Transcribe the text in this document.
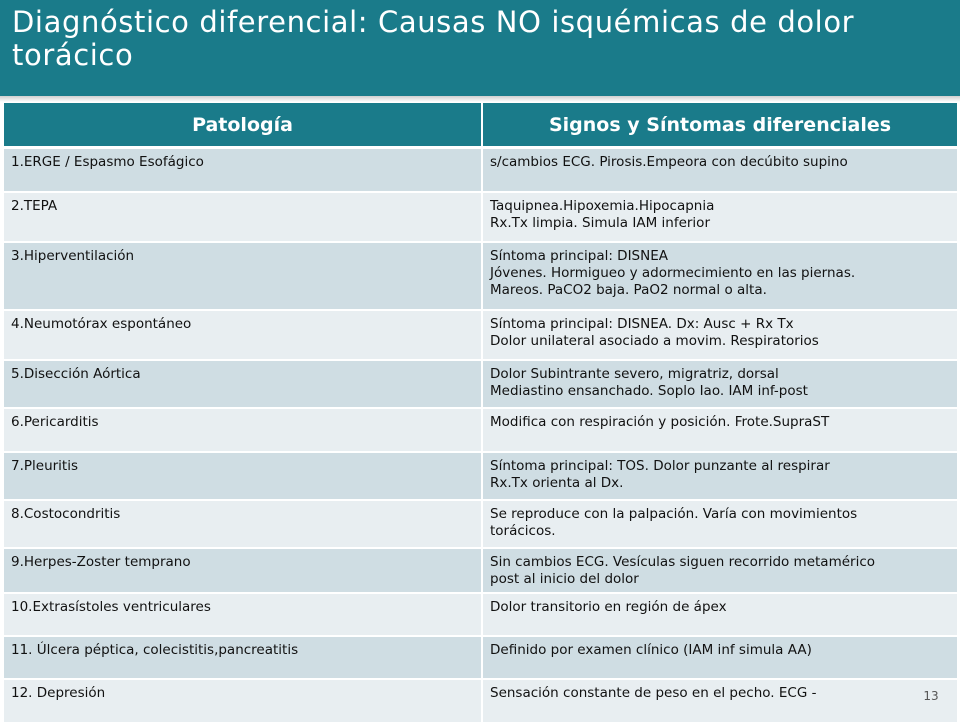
Diagnóstico diferencial: Causas NO isquémicas de dolor torácico
Patología	Signos y Síntomas diferenciales
1.ERGE / Espasmo Esofágico	s/cambios ECG. Pirosis.Empeora con decúbito supino
2.TEPA	Taquipnea.Hipoxemia.Hipocapnia
Rx.Tx limpia. Simula IAM inferior
3.Hiperventilación	Síntoma principal: DISNEA
Jóvenes. Hormigueo y adormecimiento en las piernas.
Mareos. PaCO2 baja. PaO2 normal o alta.
4.Neumotórax espontáneo	Síntoma principal: DISNEA. Dx: Ausc + Rx Tx
Dolor unilateral asociado a movim. Respiratorios
5.Disección Aórtica	Dolor Subintrante severo, migratriz, dorsal
Mediastino ensanchado. Soplo Iao. IAM inf-post
6.Pericarditis	Modifica con respiración y posición. Frote.SupraST
7.Pleuritis	Síntoma principal: TOS. Dolor punzante al respirar
Rx.Tx orienta al Dx.
8.Costocondritis	Se reproduce con la palpación. Varía con movimientos
torácicos.
9.Herpes-Zoster temprano	Sin cambios ECG. Vesículas siguen recorrido metamérico
post al inicio del dolor
10.Extrasístoles ventriculares	Dolor transitorio en región de ápex
11. Úlcera péptica, colecistitis,pancreatitis	Definido por examen clínico (IAM inf simula AA)
12. Depresión	Sensación constante de peso en el pecho. ECG -	13
